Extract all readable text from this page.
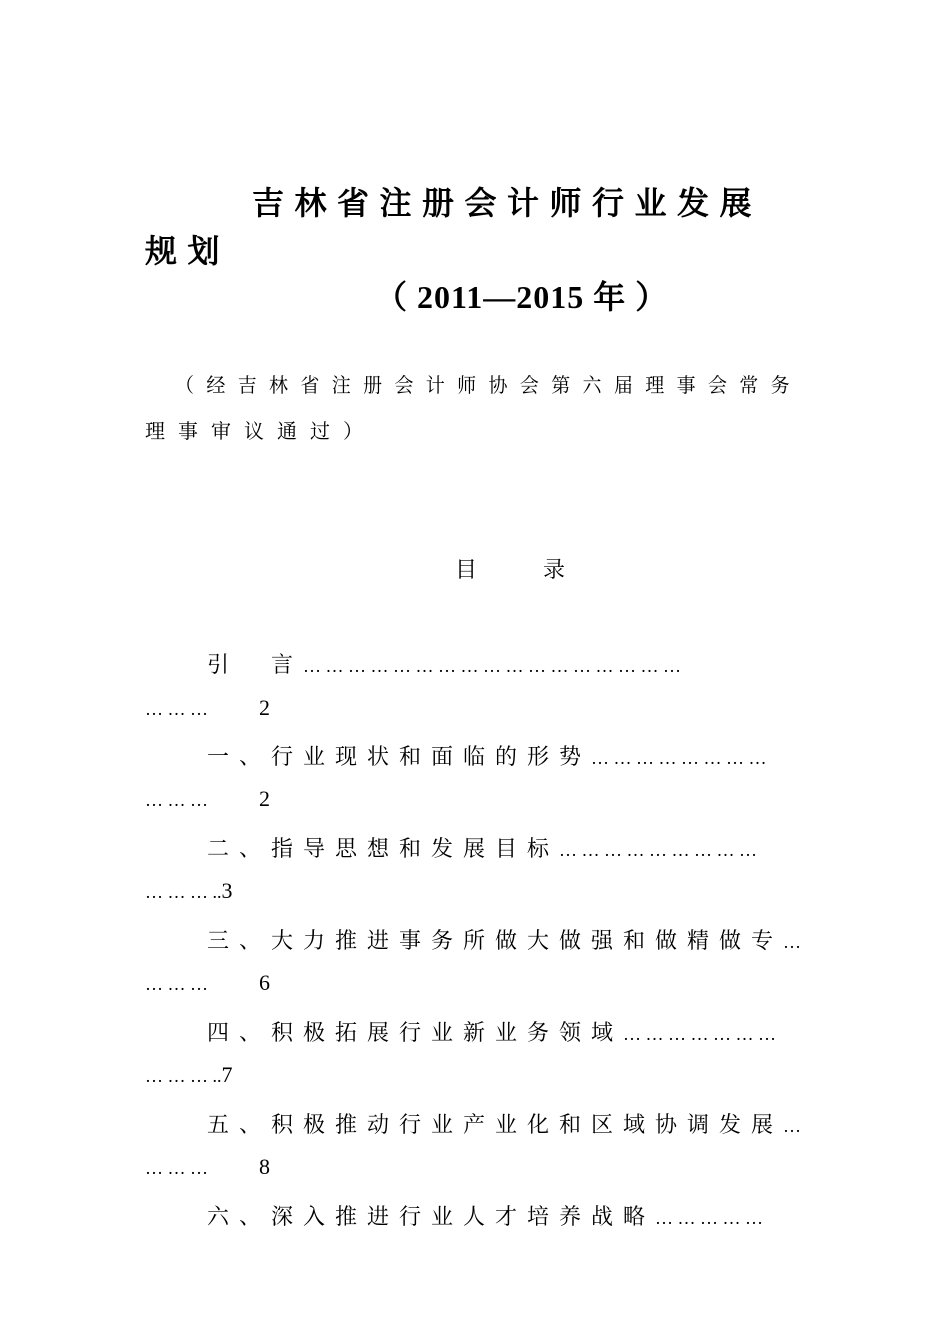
吉林省注册会计师行业发展
规划
（ 2011—2015 年 ）
（经吉林省注册会计师协会第六届理事会常务
理事审议通过）
目	录
引　言… … … … … … … … … … … … … … … … …
… … … 2
一、行业现状和面临的形势… … … … … … … …
… … … 2
二、指导思想和发展目标… … … … … … … … …
… … … ..3
三、大力推进事务所做大做强和做精做专…
… … … 6
四、积极拓展行业新业务领域… … … … … … …
… … … ..7
五、积极推动行业产业化和区域协调发展…
… … … 8
六、深入推进行业人才培养战略… … … … …
